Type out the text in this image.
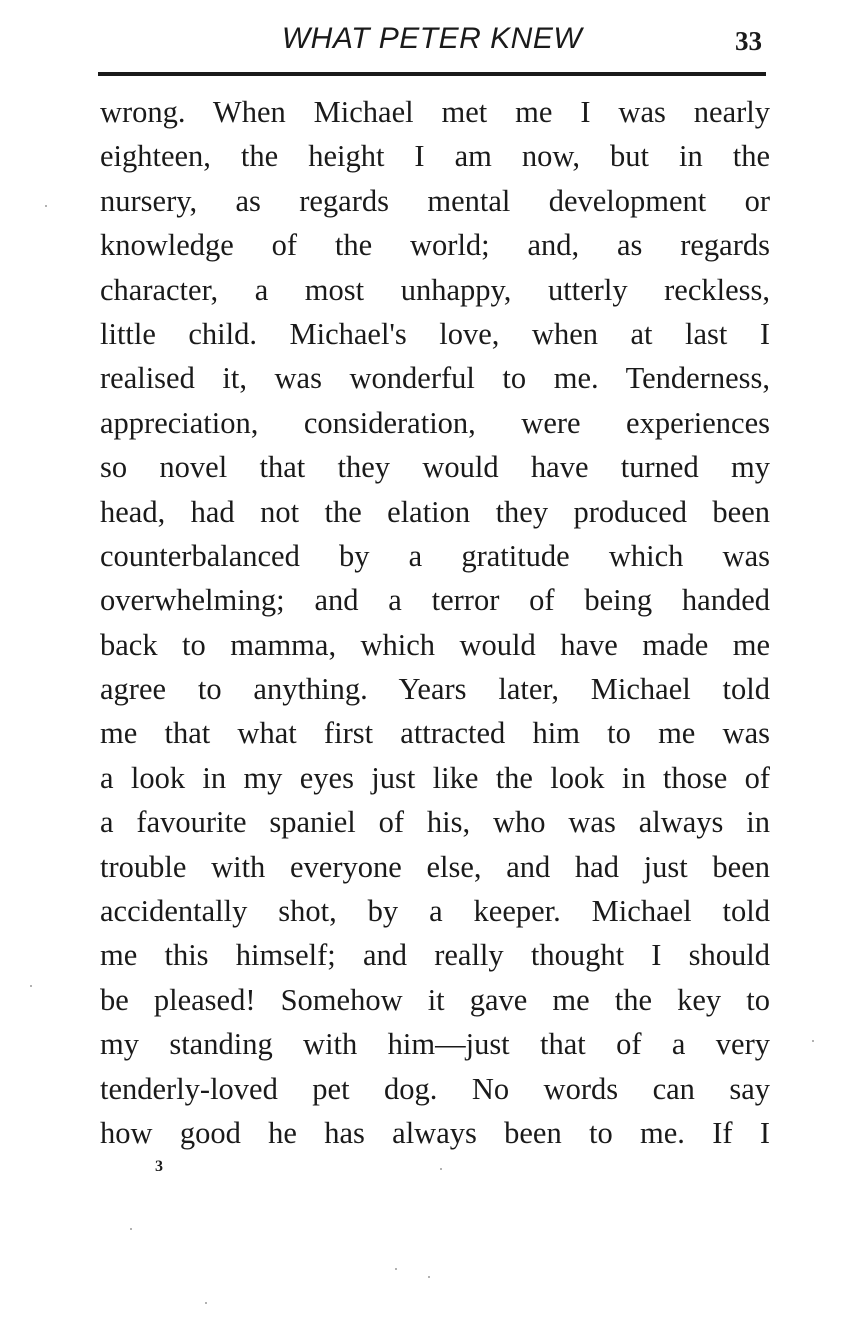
WHAT PETER KNEW	33
wrong. When Michael met me I was nearly
eighteen, the height I am now, but in the
nursery, as regards mental development or
knowledge of the world; and, as regards
character, a most unhappy, utterly reckless,
little child. Michael's love, when at last I
realised it, was wonderful to me. Tenderness,
appreciation, consideration, were experiences
so novel that they would have turned my
head, had not the elation they produced been
counterbalanced by a gratitude which was
overwhelming; and a terror of being handed
back to mamma, which would have made me
agree to anything. Years later, Michael told
me that what first attracted him to me was
a look in my eyes just like the look in those of
a favourite spaniel of his, who was always in
trouble with everyone else, and had just been
accidentally shot, by a keeper. Michael told
me this himself; and really thought I should
be pleased! Somehow it gave me the key to
my standing with him—just that of a very
tenderly-loved pet dog. No words can say
how good he has always been to me. If I
3
